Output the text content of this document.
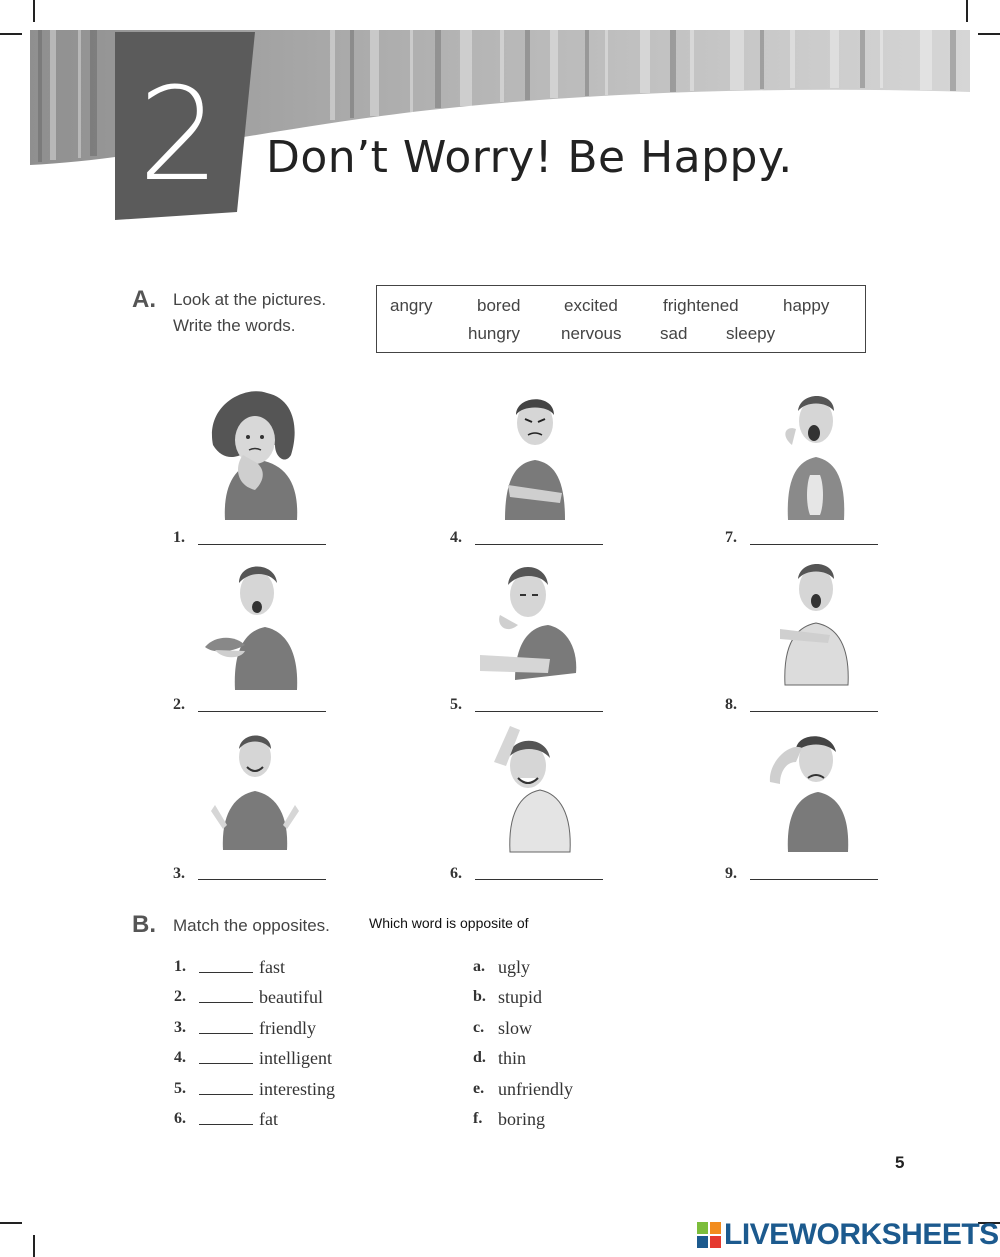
2 Don’t Worry! Be Happy.
A. Look at the pictures.
Write the words.
angry	bored	excited	frightened	happy
hungry nervous sad sleepy
1.
2.
3.
4.
5.
6.
7.
8.
9.
B. Match the opposites.	Which word is opposite of
1.	fast
2.	beautiful
3.	friendly
4.	intelligent
5.	interesting
6.	fat
a. ugly
b. stupid
c. slow
d. thin
e. unfriendly
f. boring
5
LIVEWORKSHEETS
